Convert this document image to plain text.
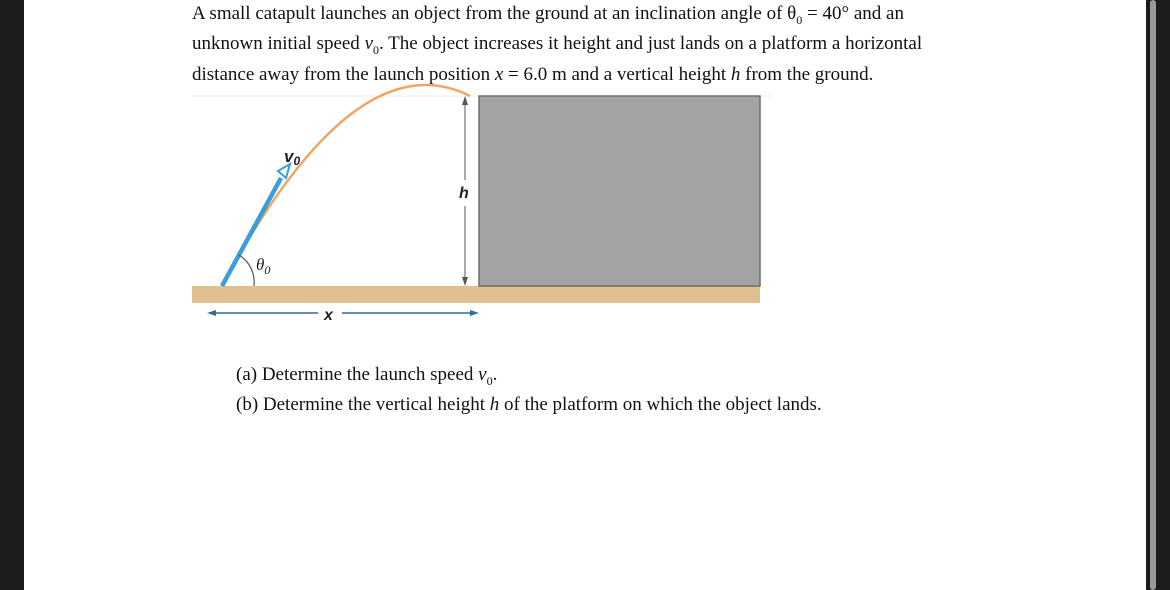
A small catapult launches an object from the ground at an inclination angle of $\theta_0 = 40^\circ$ and an
unknown initial speed $v_0$. The object increases it height and just lands on a platform a horizontal
distance away from the launch position x = 6.0 m and a vertical height h from the ground.
v0
$\theta_0$
h
x
(a) Determine the launch speed $v_0$.
(b) Determine the vertical height h of the platform on which the object lands.
